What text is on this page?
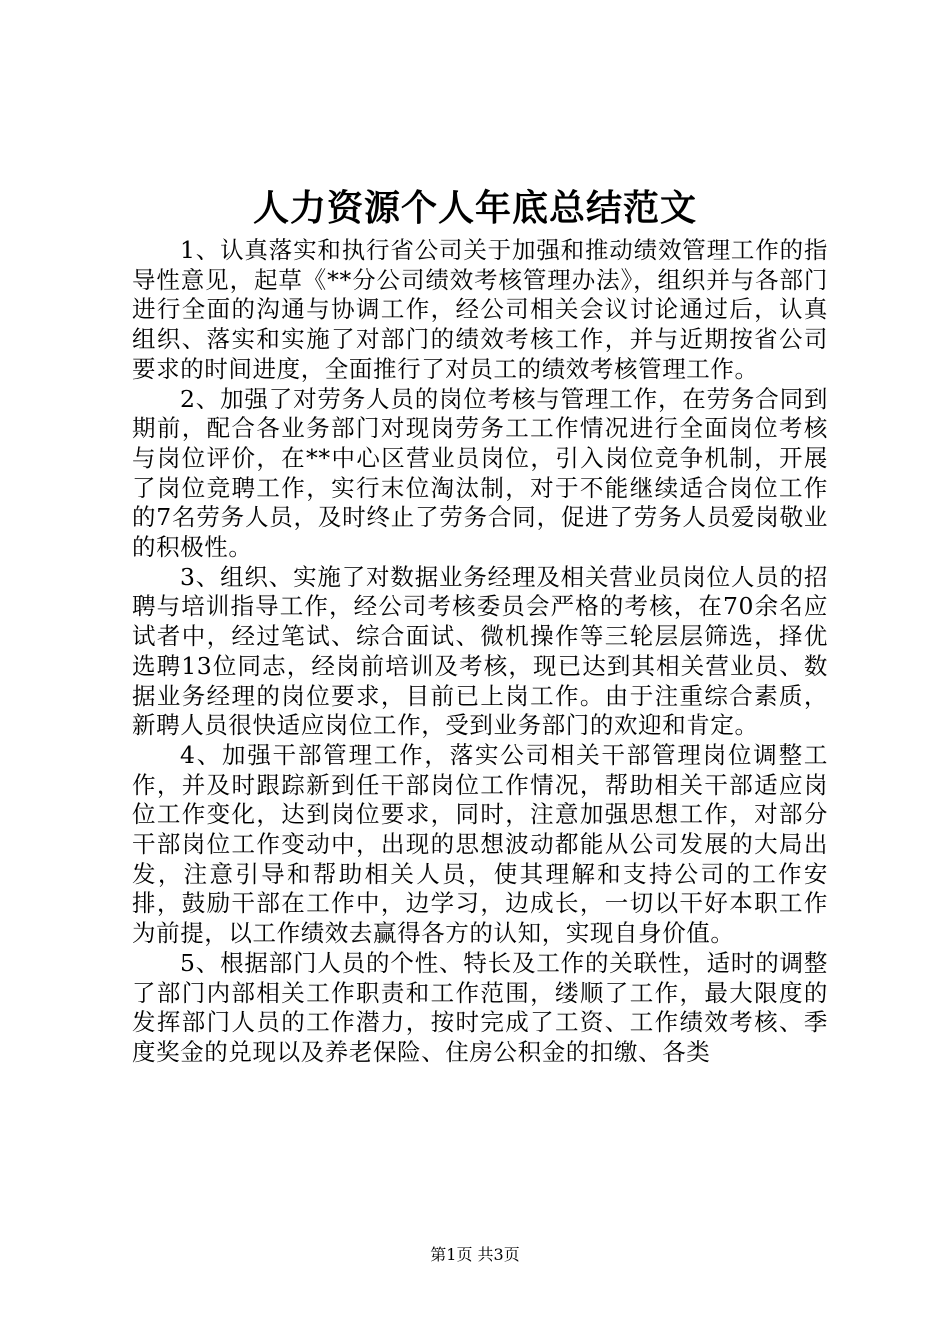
人力资源个人年底总结范文

1、认真落实和执行省公司关于加强和推动绩效管理工作的指导性意见，起草《**分公司绩效考核管理办法》，组织并与各部门进行全面的沟通与协调工作，经公司相关会议讨论通过后，认真组织、落实和实施了对部门的绩效考核工作，并与近期按省公司要求的时间进度，全面推行了对员工的绩效考核管理工作。

2、加强了对劳务人员的岗位考核与管理工作，在劳务合同到期前，配合各业务部门对现岗劳务工工作情况进行全面岗位考核与岗位评价，在**中心区营业员岗位，引入岗位竞争机制，开展了岗位竞聘工作，实行末位淘汰制，对于不能继续适合岗位工作的7名劳务人员，及时终止了劳务合同，促进了劳务人员爱岗敬业的积极性。

3、组织、实施了对数据业务经理及相关营业员岗位人员的招聘与培训指导工作，经公司考核委员会严格的考核，在70余名应试者中，经过笔试、综合面试、微机操作等三轮层层筛选，择优选聘13位同志，经岗前培训及考核，现已达到其相关营业员、数据业务经理的岗位要求，目前已上岗工作。由于注重综合素质，新聘人员很快适应岗位工作，受到业务部门的欢迎和肯定。

4、加强干部管理工作，落实公司相关干部管理岗位调整工作，并及时跟踪新到任干部岗位工作情况，帮助相关干部适应岗位工作变化，达到岗位要求，同时，注意加强思想工作，对部分干部岗位工作变动中，出现的思想波动都能从公司发展的大局出发，注意引导和帮助相关人员，使其理解和支持公司的工作安排，鼓励干部在工作中，边学习，边成长，一切以干好本职工作为前提，以工作绩效去赢得各方的认知，实现自身价值。

5、根据部门人员的个性、特长及工作的关联性，适时的调整了部门内部相关工作职责和工作范围，缕顺了工作，最大限度的发挥部门人员的工作潜力，按时完成了工资、工作绩效考核、季度奖金的兑现以及养老保险、住房公积金的扣缴、各类

第1页 共3页
